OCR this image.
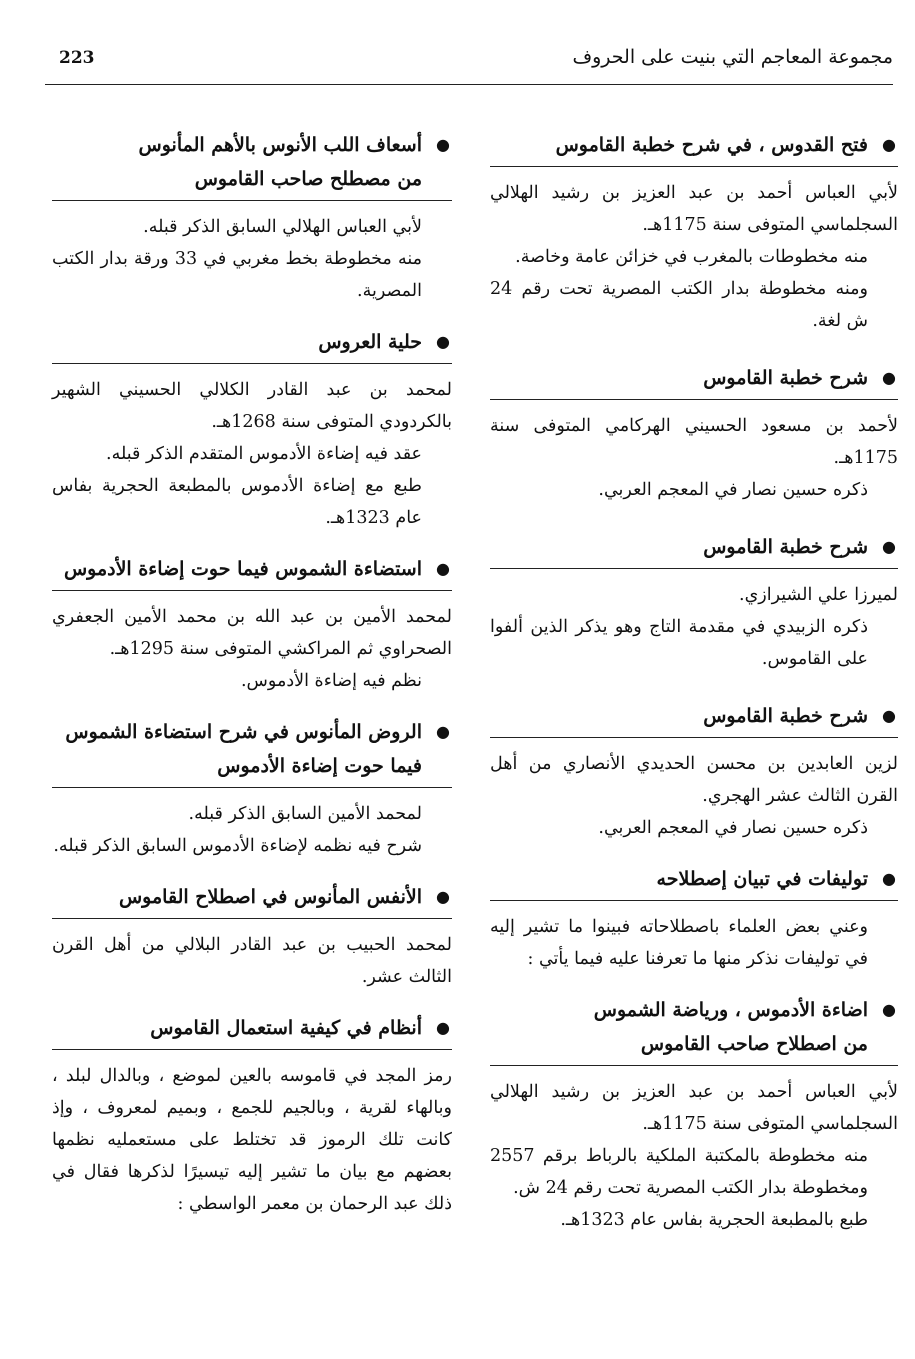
223	مجموعة المعاجم التي بنيت على الحروف
●
فتح القدوس ، في شرح خطبة القاموس

لأبي العباس أحمد بن عبد العزيز بن رشيد الهلالي السجلماسي المتوفى سنة 1175هـ.

منه مخطوطات بالمغرب في خزائن عامة وخاصة.

ومنه مخطوطة بدار الكتب المصرية تحت رقم 24 ش لغة.

●
شرح خطبة القاموس

لأحمد بن مسعود الحسيني الهركامي المتوفى سنة 1175هـ.

ذكره حسين نصار في المعجم العربي.

●
شرح خطبة القاموس

لميرزا علي الشيرازي.

ذكره الزبيدي في مقدمة التاج وهو يذكر الذين ألفوا على القاموس.

●
شرح خطبة القاموس

لزين العابدين بن محسن الحديدي الأنصاري من أهل القرن الثالث عشر الهجري.

ذكره حسين نصار في المعجم العربي.

●
توليفات في تبيان إصطلاحه

وعني بعض العلماء باصطلاحاته فبينوا ما تشير إليه في توليفات نذكر منها ما تعرفنا عليه فيما يأتي :

●
اضاءة الأدموس ، ورياضة الشموس
من اصطلاح صاحب القاموس

لأبي العباس أحمد بن عبد العزيز بن رشيد الهلالي السجلماسي المتوفى سنة 1175هـ.

منه مخطوطة بالمكتبة الملكية بالرباط برقم 2557 ومخطوطة بدار الكتب المصرية تحت رقم 24 ش.

طبع بالمطبعة الحجرية بفاس عام 1323هـ.

●
أسعاف اللب الأنوس بالأهم المأنوس
من مصطلح صاحب القاموس

لأبي العباس الهلالي السابق الذكر قبله.

منه مخطوطة بخط مغربي في 33 ورقة بدار الكتب المصرية.

●
حلية العروس

لمحمد بن عبد القادر الكلالي الحسيني الشهير بالكردودي المتوفى سنة 1268هـ.

عقد فيه إضاءة الأدموس المتقدم الذكر قبله.

طبع مع إضاءة الأدموس بالمطبعة الحجرية بفاس عام 1323هـ.

●
استضاءة الشموس فيما حوت إضاءة الأدموس

لمحمد الأمين بن عبد الله بن محمد الأمين الجعفري الصحراوي ثم المراكشي المتوفى سنة 1295هـ.

نظم فيه إضاءة الأدموس.

●
الروض المأنوس في شرح استضاءة الشموس
فيما حوت إضاءة الأدموس

لمحمد الأمين السابق الذكر قبله.

شرح فيه نظمه لإضاءة الأدموس السابق الذكر قبله.

●
الأنفس المأنوس في اصطلاح القاموس

لمحمد الحبيب بن عبد القادر البلالي من أهل القرن الثالث عشر.

●
أنظام في كيفية استعمال القاموس

رمز المجد في قاموسه بالعين لموضع ، وبالدال لبلد ، وبالهاء لقرية ، وبالجيم للجمع ، وبميم لمعروف ، وإذ كانت تلك الرموز قد تختلط على مستعمليه نظمها بعضهم مع بيان ما تشير إليه تيسيرًا لذكرها فقال في ذلك عبد الرحمان بن معمر الواسطي :
